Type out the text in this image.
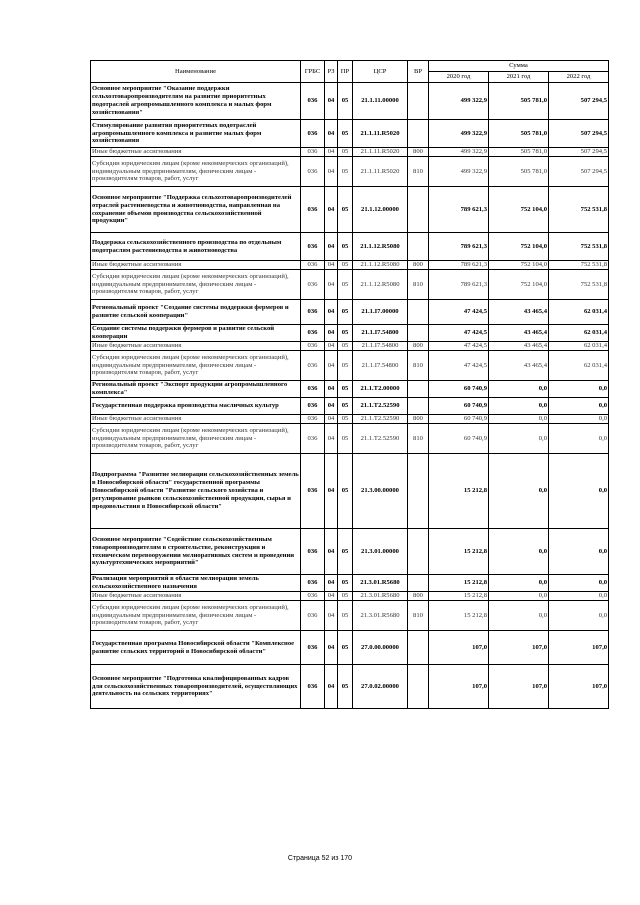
Наименование	ГРБС	РЗ	ПР	ЦСР	ВР	Сумма		
						2020 год	2021 год	2022 год
Основное мероприятие "Оказание поддержки сельхозтоваропроизводителям на развитие приоритетных подотраслей агропромышленного комплекса и малых форм хозяйствования"	036	04	05	21.1.11.00000		499 322,9	505 781,0	507 294,5
Стимулирование развития приоритетных подотраслей агропромышленного комплекса и развитие малых форм хозяйствования	036	04	05	21.1.11.R5020		499 322,9	505 781,0	507 294,5
Иные бюджетные ассигнования	036	04	05	21.1.11.R5020	800	499 322,9	505 781,0	507 294,5
Субсидии юридическим лицам (кроме некоммерческих организаций), индивидуальным предпринимателям, физическим лицам - производителям товаров, работ, услуг	036	04	05	21.1.11.R5020	810	499 322,9	505 781,0	507 294,5
Основное мероприятие "Поддержка сельхозтоваропроизводителей отраслей растениеводства и животноводства, направленная на сохранение объемов производства сельскохозяйственной продукции"	036	04	05	21.1.12.00000		789 621,3	752 104,0	752 531,8
Поддержка сельскохозяйственного производства по отдельным подотраслям растениеводства и животноводства	036	04	05	21.1.12.R5080		789 621,3	752 104,0	752 531,8
Иные бюджетные ассигнования	036	04	05	21.1.12.R5080	800	789 621,3	752 104,0	752 531,8
Субсидии юридическим лицам (кроме некоммерческих организаций), индивидуальным предпринимателям, физическим лицам - производителям товаров, работ, услуг	036	04	05	21.1.12.R5080	810	789 621,3	752 104,0	752 531,8
Региональный проект "Создание системы поддержки фермеров и развитие сельской кооперации"	036	04	05	21.1.I7.00000		47 424,5	43 465,4	62 031,4
Создание системы поддержки фермеров и развитие сельской кооперации	036	04	05	21.1.I7.54800		47 424,5	43 465,4	62 031,4
Иные бюджетные ассигнования	036	04	05	21.1.I7.54800	800	47 424,5	43 465,4	62 031,4
Субсидии юридическим лицам (кроме некоммерческих организаций), индивидуальным предпринимателям, физическим лицам - производителям товаров, работ, услуг	036	04	05	21.1.I7.54800	810	47 424,5	43 465,4	62 031,4
Региональный проект "Экспорт продукции агропромышленного комплекса"	036	04	05	21.1.T2.00000		60 740,9	0,0	0,0
Государственная поддержка производства масличных культур	036	04	05	21.1.T2.52590		60 740,9	0,0	0,0
Иные бюджетные ассигнования	036	04	05	21.1.T2.52590	800	60 740,9	0,0	0,0
Субсидии юридическим лицам (кроме некоммерческих организаций), индивидуальным предпринимателям, физическим лицам - производителям товаров, работ, услуг	036	04	05	21.1.T2.52590	810	60 740,9	0,0	0,0
Подпрограмма "Развитие мелиорации сельскохозяйственных земель в Новосибирской области" государственной программы Новосибирской области "Развитие сельского хозяйства и регулирование рынков сельскохозяйственной продукции, сырья и продовольствия в Новосибирской области"	036	04	05	21.3.00.00000		15 212,8	0,0	0,0
Основное мероприятие "Содействие сельскохозяйственным товаропроизводителям в строительстве, реконструкции и техническом перевооружении мелиоративных систем и проведении культуртехнических мероприятий"	036	04	05	21.3.01.00000		15 212,8	0,0	0,0
Реализация мероприятий в области мелиорации земель сельскохозяйственного назначения	036	04	05	21.3.01.R5680		15 212,8	0,0	0,0
Иные бюджетные ассигнования	036	04	05	21.3.01.R5680	800	15 212,8	0,0	0,0
Субсидии юридическим лицам (кроме некоммерческих организаций), индивидуальным предпринимателям, физическим лицам - производителям товаров, работ, услуг	036	04	05	21.3.01.R5680	810	15 212,8	0,0	0,0
Государственная программа Новосибирской области "Комплексное развитие сельских территорий в Новосибирской области"	036	04	05	27.0.00.00000		107,0	107,0	107,0
Основное мероприятие "Подготовка квалифицированных кадров для сельскохозяйственных товаропроизводителей, осуществляющих деятельность на сельских территориях"	036	04	05	27.0.02.00000		107,0	107,0	107,0
Страница 52 из 170
